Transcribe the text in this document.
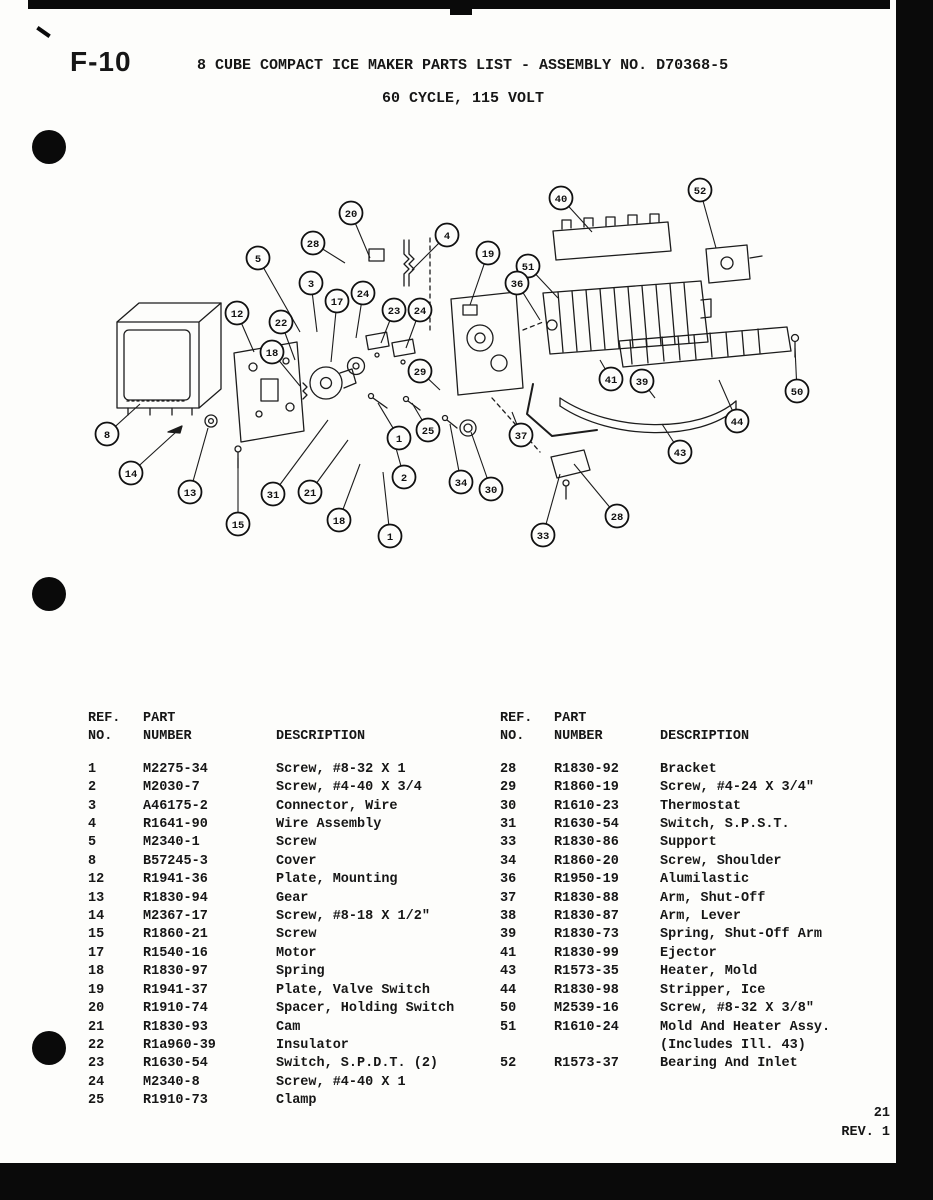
F-10	8 CUBE COMPACT ICE MAKER PARTS LIST - ASSEMBLY NO. D70368-5
60 CYCLE, 115 VOLT
20
28
4
40
52
5
3
17
24
23 24
19
51
36
12
22
18
29
41 39
8
14
13
15
31 21
18
1
2
1
25
34
30
37
33
28
44
43
50
REF.	PART
NO.	NUMBER	DESCRIPTION
1	M2275-34	Screw, #8-32 X 1
2	M2030-7	Screw, #4-40 X 3/4
3	A46175-2	Connector, Wire
4	R1641-90	Wire Assembly
5	M2340-1	Screw
8	B57245-3	Cover
12	R1941-36	Plate, Mounting
13	R1830-94	Gear
14	M2367-17	Screw, #8-18 X 1/2"
15	R1860-21	Screw
17	R1540-16	Motor
18	R1830-97	Spring
19	R1941-37	Plate, Valve Switch
20	R1910-74	Spacer, Holding Switch
21	R1830-93	Cam
22	R1a960-39	Insulator
23	R1630-54	Switch, S.P.D.T. (2)
24	M2340-8	Screw, #4-40 X 1
25	R1910-73	Clamp
REF.	PART
NO.	NUMBER	DESCRIPTION
28	R1830-92	Bracket
29	R1860-19	Screw, #4-24 X 3/4"
30	R1610-23	Thermostat
31	R1630-54	Switch, S.P.S.T.
33	R1830-86	Support
34	R1860-20	Screw, Shoulder
36	R1950-19	Alumilastic
37	R1830-88	Arm, Shut-Off
38	R1830-87	Arm, Lever
39	R1830-73	Spring, Shut-Off Arm
41	R1830-99	Ejector
43	R1573-35	Heater, Mold
44	R1830-98	Stripper, Ice
50	M2539-16	Screw, #8-32 X 3/8"
51	R1610-24	Mold And Heater Assy.
(Includes Ill. 43)
52	R1573-37	Bearing And Inlet
21
REV. 1
